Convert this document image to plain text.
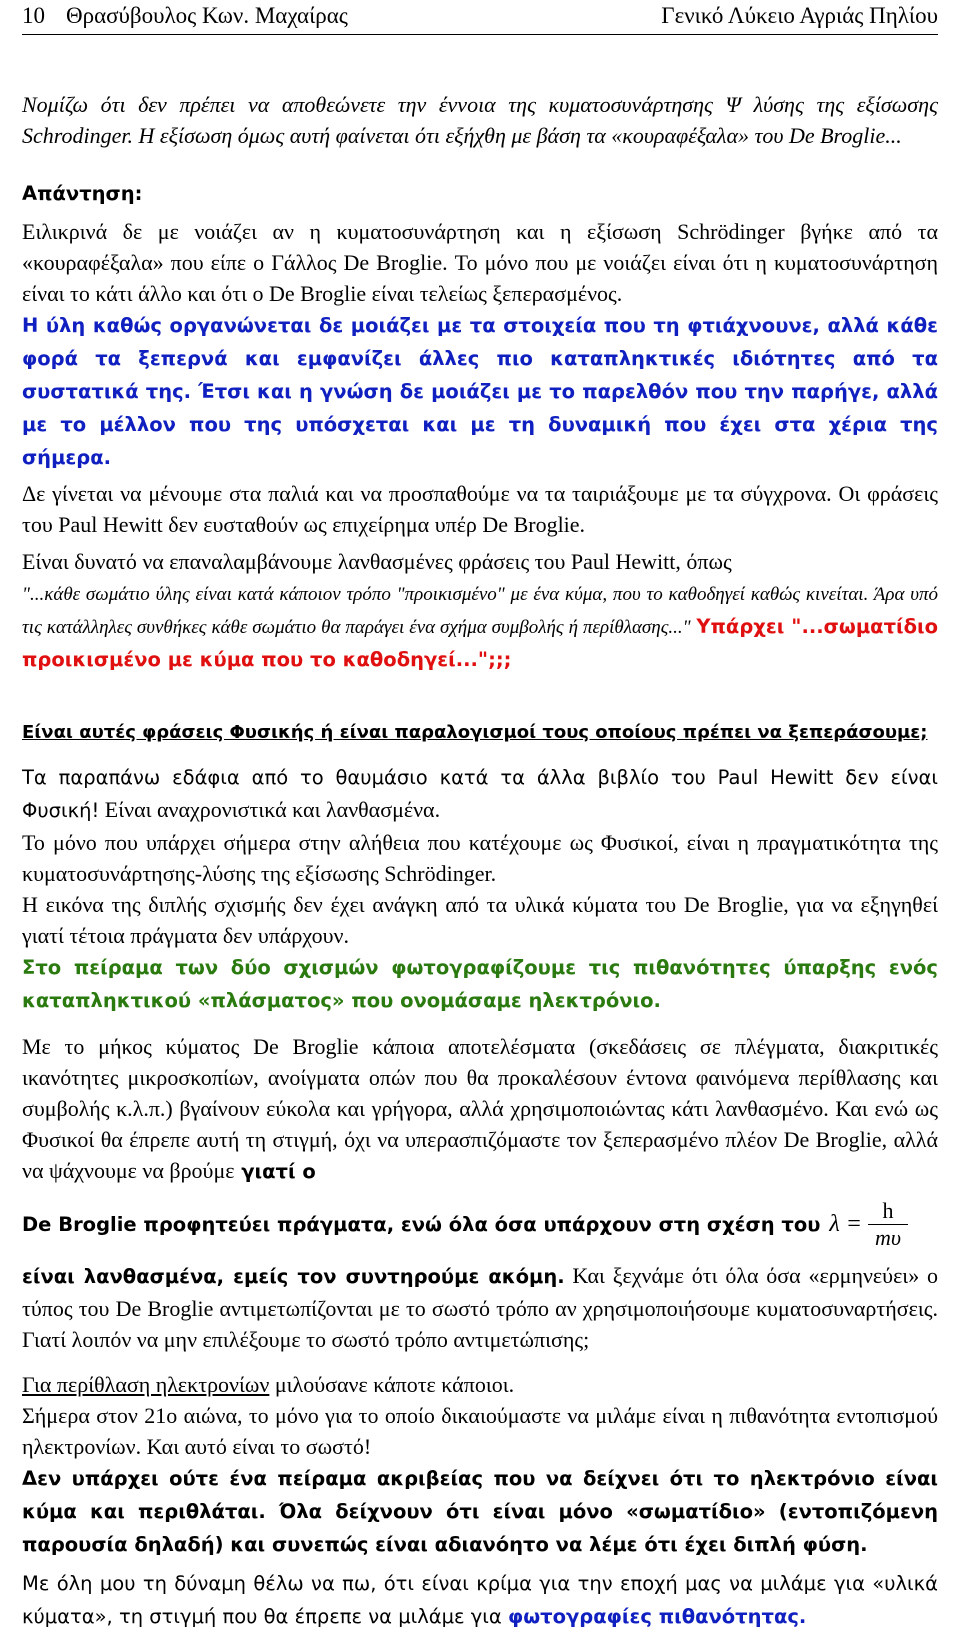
10 Θρασύβουλος Κων. Μαχαίρας	Γενικό Λύκειο Αγριάς Πηλίου

Νομίζω ότι δεν πρέπει να αποθεώνετε την έννοια της κυματοσυνάρτησης Ψ λύσης της εξίσωσης Schrodinger. Η εξίσωση όμως αυτή φαίνεται ότι εξήχθη με βάση τα «κουραφέξαλα» του De Broglie...

Απάντηση:

Ειλικρινά δε με νοιάζει αν η κυματοσυνάρτηση και η εξίσωση Schrödinger βγήκε από τα «κουραφέξαλα» που είπε ο Γάλλος De Broglie. Το μόνο που με νοιάζει είναι ότι η κυματοσυνάρτηση είναι το κάτι άλλο και ότι ο De Broglie είναι τελείως ξεπερασμένος.

Η ύλη καθώς οργανώνεται δε μοιάζει με τα στοιχεία που τη φτιάχνουνε, αλλά κάθε φορά τα ξεπερνά και εμφανίζει άλλες πιο καταπληκτικές ιδιότητες από τα συστατικά της. Έτσι και η γνώση δε μοιάζει με το παρελθόν που την παρήγε, αλλά με το μέλλον που της υπόσχεται και με τη δυναμική που έχει στα χέρια της σήμερα.

Δε γίνεται να μένουμε στα παλιά και να προσπαθούμε να τα ταιριάξουμε με τα σύγχρονα. Οι φράσεις του Paul Hewitt δεν ευσταθούν ως επιχείρημα υπέρ De Broglie.

Είναι δυνατό να επαναλαμβάνουμε λανθασμένες φράσεις του Paul Hewitt, όπως

"...κάθε σωμάτιο ύλης είναι κατά κάποιον τρόπο "προικισμένο" με ένα κύμα, που το καθοδηγεί καθώς κινείται. Άρα υπό τις κατάλληλες συνθήκες κάθε σωμάτιο θα παράγει ένα σχήμα συμβολής ή περίθλασης..." Υπάρχει "...σωματίδιο προικισμένο με κύμα που το καθοδηγεί...";;;

Είναι αυτές φράσεις Φυσικής ή είναι παραλογισμοί τους οποίους πρέπει να ξεπεράσουμε;

Τα παραπάνω εδάφια από το θαυμάσιο κατά τα άλλα βιβλίο του Paul Hewitt δεν είναι Φυσική! Είναι αναχρονιστικά και λανθασμένα.

Το μόνο που υπάρχει σήμερα στην αλήθεια που κατέχουμε ως Φυσικοί, είναι η πραγματικότητα της κυματοσυνάρτησης-λύσης της εξίσωσης Schrödinger.

Η εικόνα της διπλής σχισμής δεν έχει ανάγκη από τα υλικά κύματα του De Broglie, για να εξηγηθεί γιατί τέτοια πράγματα δεν υπάρχουν.

Στο πείραμα των δύο σχισμών φωτογραφίζουμε τις πιθανότητες ύπαρξης ενός καταπληκτικού «πλάσματος» που ονομάσαμε ηλεκτρόνιο.

Με το μήκος κύματος De Broglie κάποια αποτελέσματα (σκεδάσεις σε πλέγματα, διακριτικές ικανότητες μικροσκοπίων, ανοίγματα οπών που θα προκαλέσουν έντονα φαινόμενα περίθλασης και συμβολής κ.λ.π.) βγαίνουν εύκολα και γρήγορα, αλλά χρησιμοποιώντας κάτι λανθασμένο. Και ενώ ως Φυσικοί θα έπρεπε αυτή τη στιγμή, όχι να υπερασπιζόμαστε τον ξεπερασμένο πλέον De Broglie, αλλά να ψάχνουμε να βρούμε γιατί ο

De Broglie προφητεύει πράγματα, ενώ όλα όσα υπάρχουν στη σχέση του $\lambda = \frac{h}{m\upsilon}$

είναι λανθασμένα, εμείς τον συντηρούμε ακόμη. Και ξεχνάμε ότι όλα όσα «ερμηνεύει» ο τύπος του De Broglie αντιμετωπίζονται με το σωστό τρόπο αν χρησιμοποιήσουμε κυματοσυναρτήσεις. Γιατί λοιπόν να μην επιλέξουμε το σωστό τρόπο αντιμετώπισης;

Για περίθλαση ηλεκτρονίων μιλούσανε κάποτε κάποιοι.

Σήμερα στον 21ο αιώνα, το μόνο για το οποίο δικαιούμαστε να μιλάμε είναι η πιθανότητα εντοπισμού ηλεκτρονίων. Και αυτό είναι το σωστό!

Δεν υπάρχει ούτε ένα πείραμα ακριβείας που να δείχνει ότι το ηλεκτρόνιο είναι κύμα και περιθλάται. Όλα δείχνουν ότι είναι μόνο «σωματίδιο» (εντοπιζόμενη παρουσία δηλαδή) και συνεπώς είναι αδιανόητο να λέμε ότι έχει διπλή φύση.

Με όλη μου τη δύναμη θέλω να πω, ότι είναι κρίμα για την εποχή μας να μιλάμε για «υλικά κύματα», τη στιγμή που θα έπρεπε να μιλάμε για φωτογραφίες πιθανότητας.
